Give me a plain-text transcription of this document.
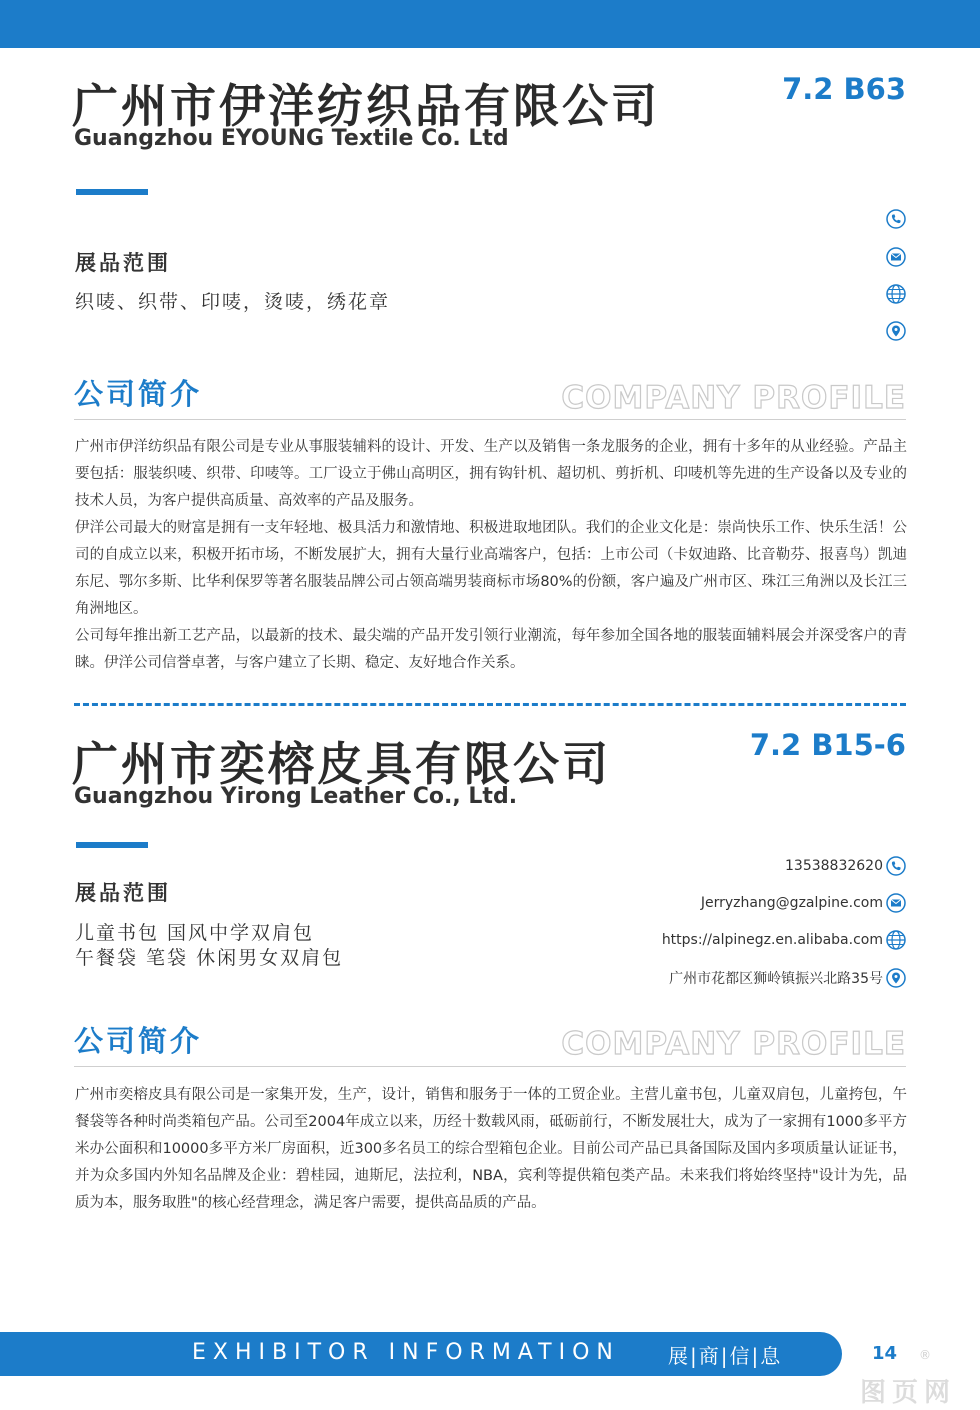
广州市伊洋纺织品有限公司
Guangzhou EYOUNG Textile Co. Ltd
7.2 B63
展品范围
织唛、织带、印唛，烫唛，绣花章
公司简介	COMPANY PROFILE

广州市伊洋纺织品有限公司是专业从事服装辅料的设计、开发、生产以及销售一条龙服务的企业，拥有十多年的从业经验。产品主要包括：服装织唛、织带、印唛等。工厂设立于佛山高明区，拥有钩针机、超切机、剪折机、印唛机等先进的生产设备以及专业的技术人员，为客户提供高质量、高效率的产品及服务。

伊洋公司最大的财富是拥有一支年轻地、极具活力和激情地、积极进取地团队。我们的企业文化是：崇尚快乐工作、快乐生活！公司的自成立以来，积极开拓市场，不断发展扩大，拥有大量行业高端客户，包括：上市公司（卡奴迪路、比音勒芬、报喜鸟）凯迪东尼、鄂尔多斯、比华利保罗等著名服装品牌公司占领高端男装商标市场80%的份额，客户遍及广州市区、珠江三角洲以及长江三角洲地区。

公司每年推出新工艺产品，以最新的技术、最尖端的产品开发引领行业潮流，每年参加全国各地的服装面辅料展会并深受客户的青睐。伊洋公司信誉卓著，与客户建立了长期、稳定、友好地合作关系。

广州市奕榕皮具有限公司
Guangzhou Yirong Leather Co., Ltd.
7.2 B15-6
展品范围
儿童书包 国风中学双肩包
午餐袋 笔袋 休闲男女双肩包
13538832620
Jerryzhang@gzalpine.com
https://alpinegz.en.alibaba.com
广州市花都区狮岭镇振兴北路35号
公司简介	COMPANY PROFILE

广州市奕榕皮具有限公司是一家集开发，生产，设计，销售和服务于一体的工贸企业。主营儿童书包，儿童双肩包，儿童挎包，午餐袋等各种时尚类箱包产品。公司至2004年成立以来，历经十数载风雨，砥砺前行，不断发展壮大，成为了一家拥有1000多平方米办公面积和10000多平方米厂房面积，近300多名员工的综合型箱包企业。目前公司产品已具备国际及国内多项质量认证证书，并为众多国内外知名品牌及企业：碧桂园，迪斯尼，法拉利，NBA，宾利等提供箱包类产品。未来我们将始终坚持"设计为先，品质为本，服务取胜"的核心经营理念，满足客户需要，提供高品质的产品。

EXHIBITOR INFORMATION 展|商|信|息	14 ®
图页网
